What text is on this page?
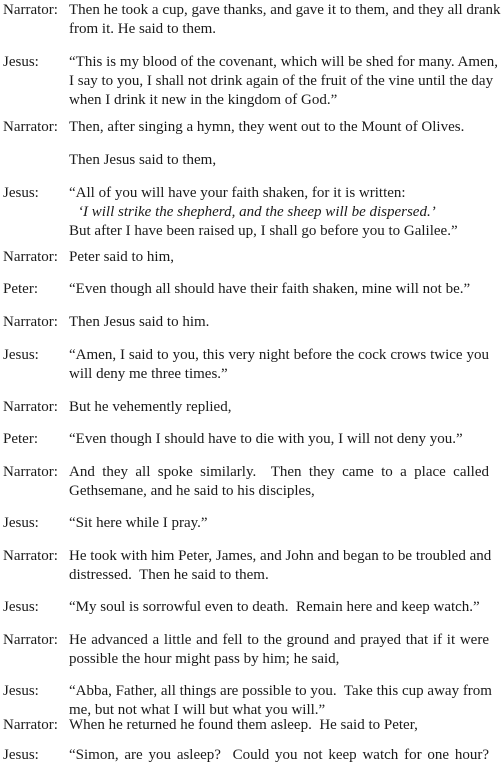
Narrator: Then he took a cup, gave thanks, and gave it to them, and they all drank
from it. He said to them.
Jesus:	“This is my blood of the covenant, which will be shed for many. Amen,
I say to you, I shall not drink again of the fruit of the vine until the day
when I drink it new in the kingdom of God.”
Narrator: Then, after singing a hymn, they went out to the Mount of Olives.
Then Jesus said to them,
Jesus:	“All of you will have your faith shaken, for it is written:
‘I will strike the shepherd, and the sheep will be dispersed.’
But after I have been raised up, I shall go before you to Galilee.”
Narrator: Peter said to him,
Peter:	“Even though all should have their faith shaken, mine will not be.”
Narrator: Then Jesus said to him.
Jesus:	“Amen, I said to you, this very night before the cock crows twice you
will deny me three times.”
Narrator: But he vehemently replied,
Peter:	“Even though I should have to die with you, I will not deny you.”
Narrator: And they all spoke similarly.  Then they came to a place called
Gethsemane, and he said to his disciples,
Jesus:	“Sit here while I pray.”
Narrator: He took with him Peter, James, and John and began to be troubled and
distressed.  Then he said to them.
Jesus:	“My soul is sorrowful even to death.  Remain here and keep watch.”
Narrator: He advanced a little and fell to the ground and prayed that if it were
possible the hour might pass by him; he said,
Jesus:	“Abba, Father, all things are possible to you.  Take this cup away from
me, but not what I will but what you will.”
Narrator: When he returned he found them asleep.  He said to Peter,
Jesus:	“Simon, are you asleep?  Could you not keep watch for one hour?
